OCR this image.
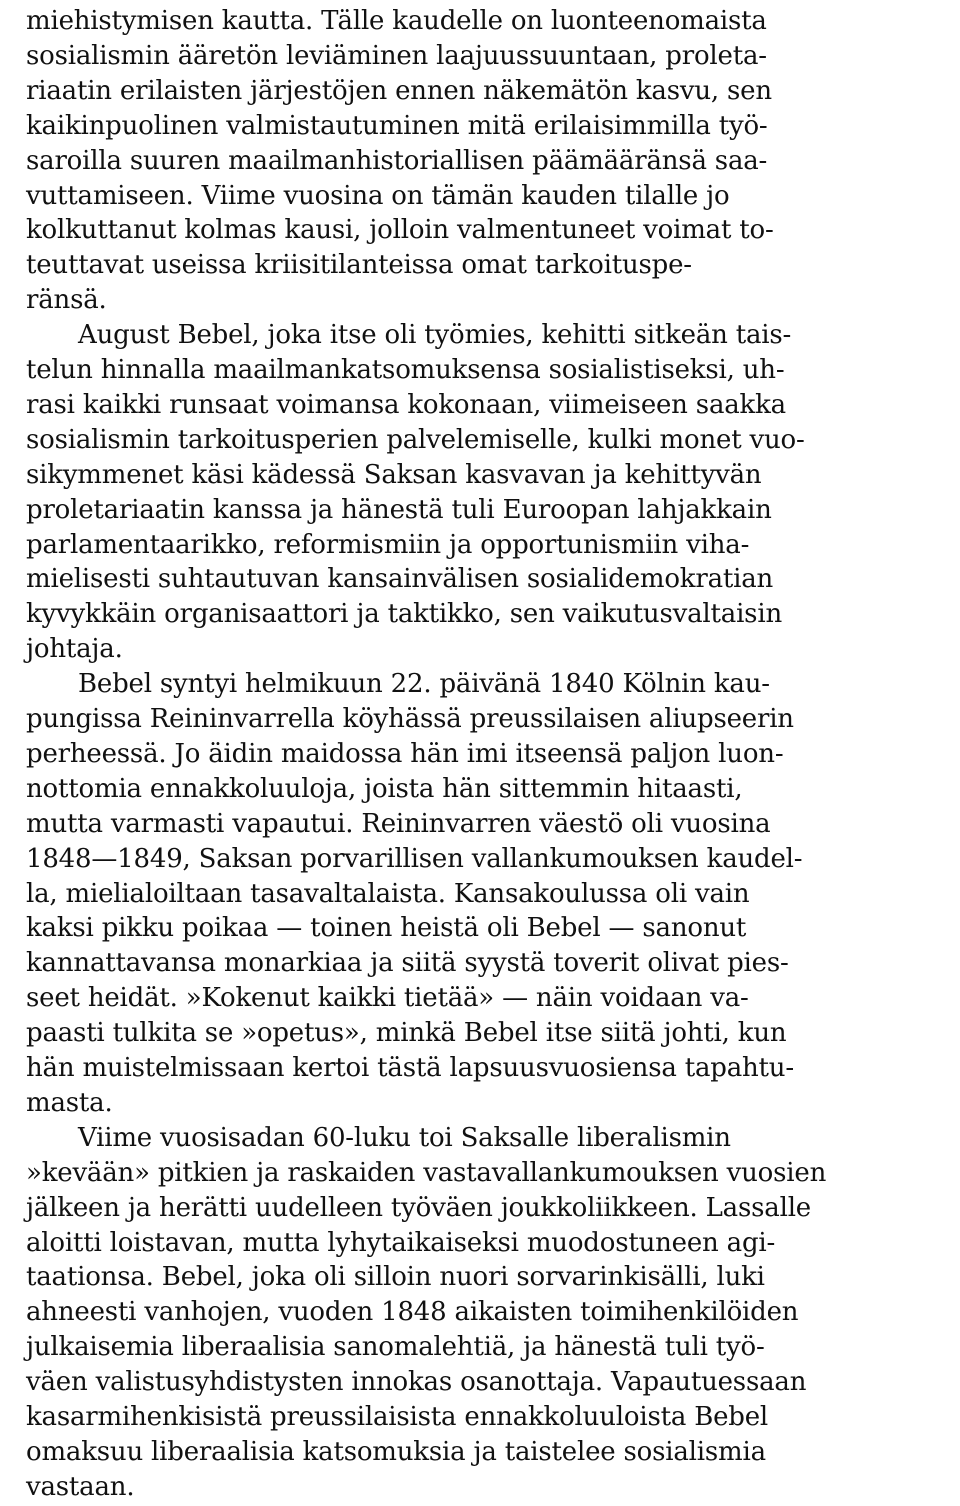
miehistymisen kautta. Tälle kaudelle on luonteenomaista
sosialismin ääretön leviäminen laajuussuuntaan, proleta-
riaatin erilaisten järjestöjen ennen näkemätön kasvu, sen
kaikinpuolinen valmistautuminen mitä erilaisimmilla työ-
saroilla suuren maailmanhistoriallisen päämääränsä saa-
vuttamiseen. Viime vuosina on tämän kauden tilalle jo
kolkuttanut kolmas kausi, jolloin valmentuneet voimat to-
teuttavat useissa kriisitilanteissa omat tarkoituspe-
ränsä.
August Bebel, joka itse oli työmies, kehitti sitkeän tais-
telun hinnalla maailmankatsomuksensa sosialistiseksi, uh-
rasi kaikki runsaat voimansa kokonaan, viimeiseen saakka
sosialismin tarkoitusperien palvelemiselle, kulki monet vuo-
sikymmenet käsi kädessä Saksan kasvavan ja kehittyvän
proletariaatin kanssa ja hänestä tuli Euroopan lahjakkain
parlamentaarikko, reformismiin ja opportunismiin viha-
mielisesti suhtautuvan kansainvälisen sosialidemokratian
kyvykkäin organisaattori ja taktikko, sen vaikutusvaltaisin
johtaja.
Bebel syntyi helmikuun 22. päivänä 1840 Kölnin kau-
pungissa Reininvarrella köyhässä preussilaisen aliupseerin
perheessä. Jo äidin maidossa hän imi itseensä paljon luon-
nottomia ennakkoluuloja, joista hän sittemmin hitaasti,
mutta varmasti vapautui. Reininvarren väestö oli vuosina
1848—1849, Saksan porvarillisen vallankumouksen kaudel-
la, mielialoiltaan tasavaltalaista. Kansakoulussa oli vain
kaksi pikku poikaa — toinen heistä oli Bebel — sanonut
kannattavansa monarkiaa ja siitä syystä toverit olivat pies-
seet heidät. »Kokenut kaikki tietää» — näin voidaan va-
paasti tulkita se »opetus», minkä Bebel itse siitä johti, kun
hän muistelmissaan kertoi tästä lapsuusvuosiensa tapahtu-
masta.
Viime vuosisadan 60-luku toi Saksalle liberalismin
»kevään» pitkien ja raskaiden vastavallankumouksen vuosien
jälkeen ja herätti uudelleen työväen joukkoliikkeen. Lassalle
aloitti loistavan, mutta lyhytaikaiseksi muodostuneen agi-
taationsa. Bebel, joka oli silloin nuori sorvarinkisälli, luki
ahneesti vanhojen, vuoden 1848 aikaisten toimihenkilöiden
julkaisemia liberaalisia sanomalehtiä, ja hänestä tuli työ-
väen valistusyhdistysten innokas osanottaja. Vapautuessaan
kasarmihenkisistä preussilaisista ennakkoluuloista Bebel
omaksuu liberaalisia katsomuksia ja taistelee sosialismia
vastaan.
